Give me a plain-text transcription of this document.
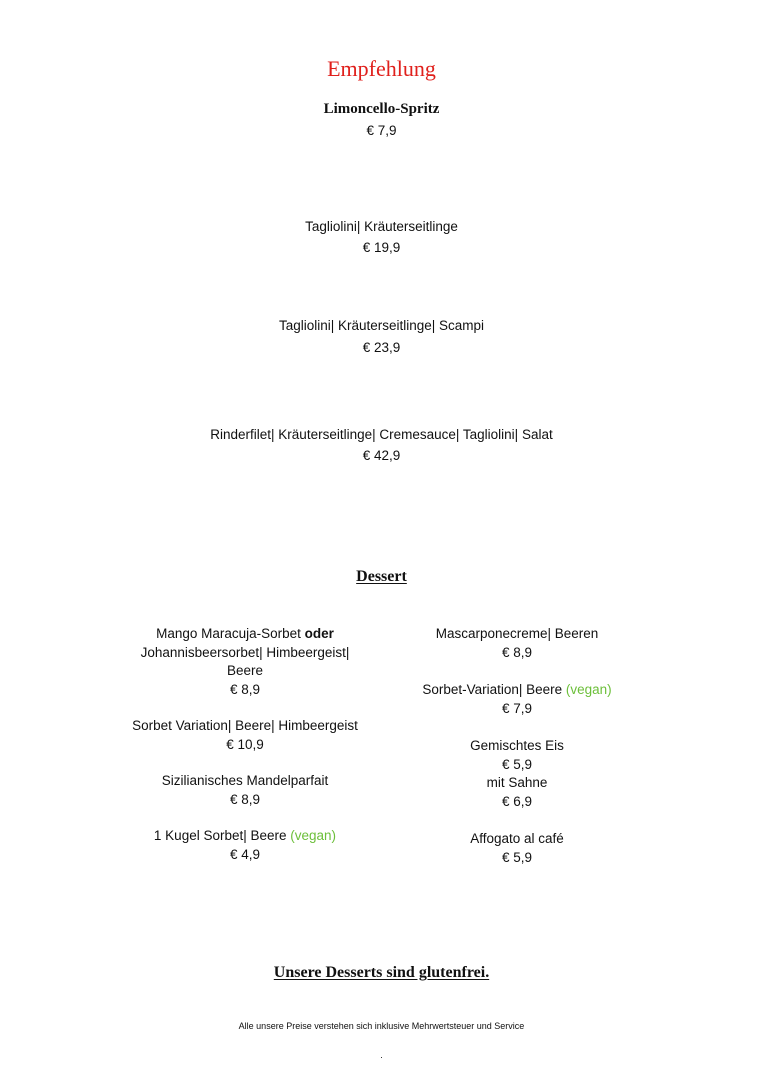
Empfehlung
Limoncello-Spritz
€ 7,9
Tagliolini| Kräuterseitlinge
€ 19,9
Tagliolini| Kräuterseitlinge| Scampi
€ 23,9
Rinderfilet| Kräuterseitlinge| Cremesauce| Tagliolini| Salat
€ 42,9
Dessert
Mango Maracuja-Sorbet oder
Johannisbeersorbet| Himbeergeist|
Beere
€ 8,9
Sorbet Variation| Beere| Himbeergeist
€ 10,9
Sizilianisches Mandelparfait
€ 8,9
1 Kugel Sorbet| Beere (vegan)
€ 4,9
Mascarponecreme| Beeren
€ 8,9
Sorbet-Variation| Beere (vegan)
€ 7,9
Gemischtes Eis
€ 5,9
mit Sahne
€ 6,9
Affogato al café
€ 5,9
Unsere Desserts sind glutenfrei.
Alle unsere Preise verstehen sich inklusive Mehrwertsteuer und Service
.
